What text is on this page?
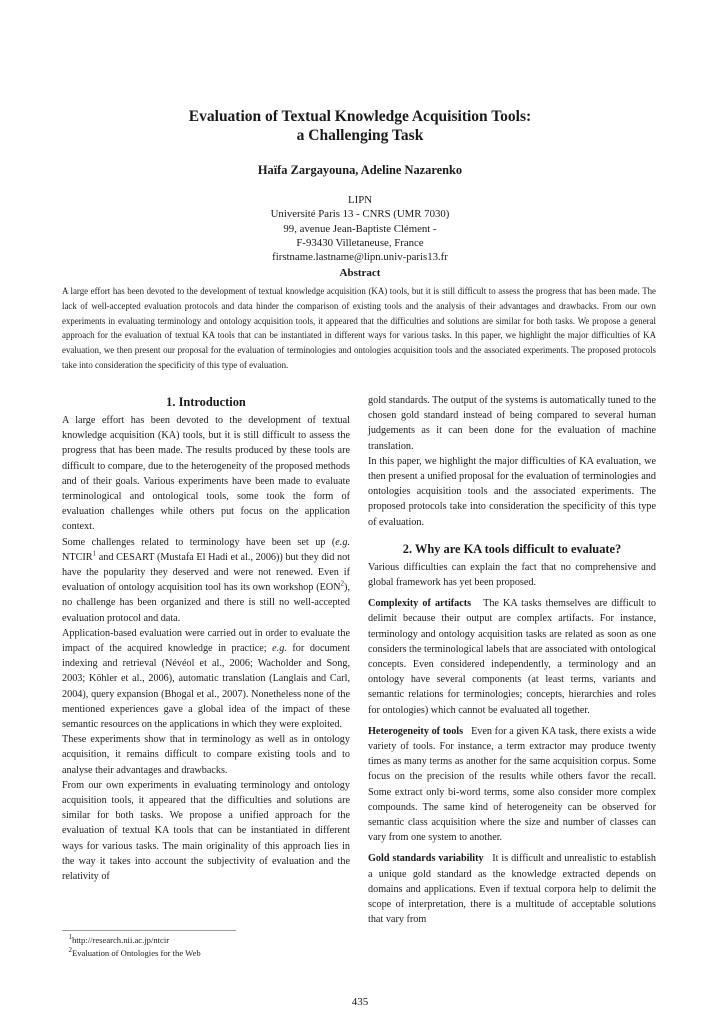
Evaluation of Textual Knowledge Acquisition Tools:
a Challenging Task
Haïfa Zargayouna, Adeline Nazarenko
LIPN
Université Paris 13 - CNRS (UMR 7030)
99, avenue Jean-Baptiste Clément -
F-93430 Villetaneuse, France
firstname.lastname@lipn.univ-paris13.fr
Abstract
A large effort has been devoted to the development of textual knowledge acquisition (KA) tools, but it is still difficult to assess the progress that has been made. The lack of well-accepted evaluation protocols and data hinder the comparison of existing tools and the analysis of their advantages and drawbacks. From our own experiments in evaluating terminology and ontology acquisition tools, it appeared that the difficulties and solutions are similar for both tasks. We propose a general approach for the evaluation of textual KA tools that can be instantiated in different ways for various tasks. In this paper, we highlight the major difficulties of KA evaluation, we then present our proposal for the evaluation of terminologies and ontologies acquisition tools and the associated experiments. The proposed protocols take into consideration the specificity of this type of evaluation.
1. Introduction

A large effort has been devoted to the development of textual knowledge acquisition (KA) tools, but it is still difficult to assess the progress that has been made. The results produced by these tools are difficult to compare, due to the heterogeneity of the proposed methods and of their goals. Various experiments have been made to evaluate terminological and ontological tools, some took the form of evaluation challenges while others put focus on the application context.

Some challenges related to terminology have been set up (e.g. NTCIR$^1$ and CESART (Mustafa El Hadi et al., 2006)) but they did not have the popularity they deserved and were not renewed. Even if evaluation of ontology acquisition tool has its own workshop (EON$^2$), no challenge has been organized and there is still no well-accepted evaluation protocol and data.

Application-based evaluation were carried out in order to evaluate the impact of the acquired knowledge in practice; e.g. for document indexing and retrieval (Névéol et al., 2006; Wacholder and Song, 2003; Köhler et al., 2006), automatic translation (Langlais and Carl, 2004), query expansion (Bhogal et al., 2007). Nonetheless none of the mentioned experiences gave a global idea of the impact of these semantic resources on the applications in which they were exploited.

These experiments show that in terminology as well as in ontology acquisition, it remains difficult to compare existing tools and to analyse their advantages and drawbacks.

From our own experiments in evaluating terminology and ontology acquisition tools, it appeared that the difficulties and solutions are similar for both tasks. We propose a unified approach for the evaluation of textual KA tools that can be instantiated in different ways for various tasks. The main originality of this approach lies in the way it takes into account the subjectivity of evaluation and the relativity of

gold standards. The output of the systems is automatically tuned to the chosen gold standard instead of being compared to several human judgements as it can been done for the evaluation of machine translation.

In this paper, we highlight the major difficulties of KA evaluation, we then present a unified proposal for the evaluation of terminologies and ontologies acquisition tools and the associated experiments. The proposed protocols take into consideration the specificity of this type of evaluation.

2. Why are KA tools difficult to evaluate?

Various difficulties can explain the fact that no comprehensive and global framework has yet been proposed.

Complexity of artifacts The KA tasks themselves are difficult to delimit because their output are complex artifacts. For instance, terminology and ontology acquisition tasks are related as soon as one considers the terminological labels that are associated with ontological concepts. Even considered independently, a terminology and an ontology have several components (at least terms, variants and semantic relations for terminologies; concepts, hierarchies and roles for ontologies) which cannot be evaluated all together.

Heterogeneity of tools Even for a given KA task, there exists a wide variety of tools. For instance, a term extractor may produce twenty times as many terms as another for the same acquisition corpus. Some focus on the precision of the results while others favor the recall. Some extract only bi-word terms, some also consider more complex compounds. The same kind of heterogeneity can be observed for semantic class acquisition where the size and number of classes can vary from one system to another.

Gold standards variability It is difficult and unrealistic to establish a unique gold standard as the knowledge extracted depends on domains and applications. Even if textual corpora help to delimit the scope of interpretation, there is a multitude of acceptable solutions that vary from

$^1$http://research.nii.ac.jp/ntcir
$^2$Evaluation of Ontologies for the Web
435
